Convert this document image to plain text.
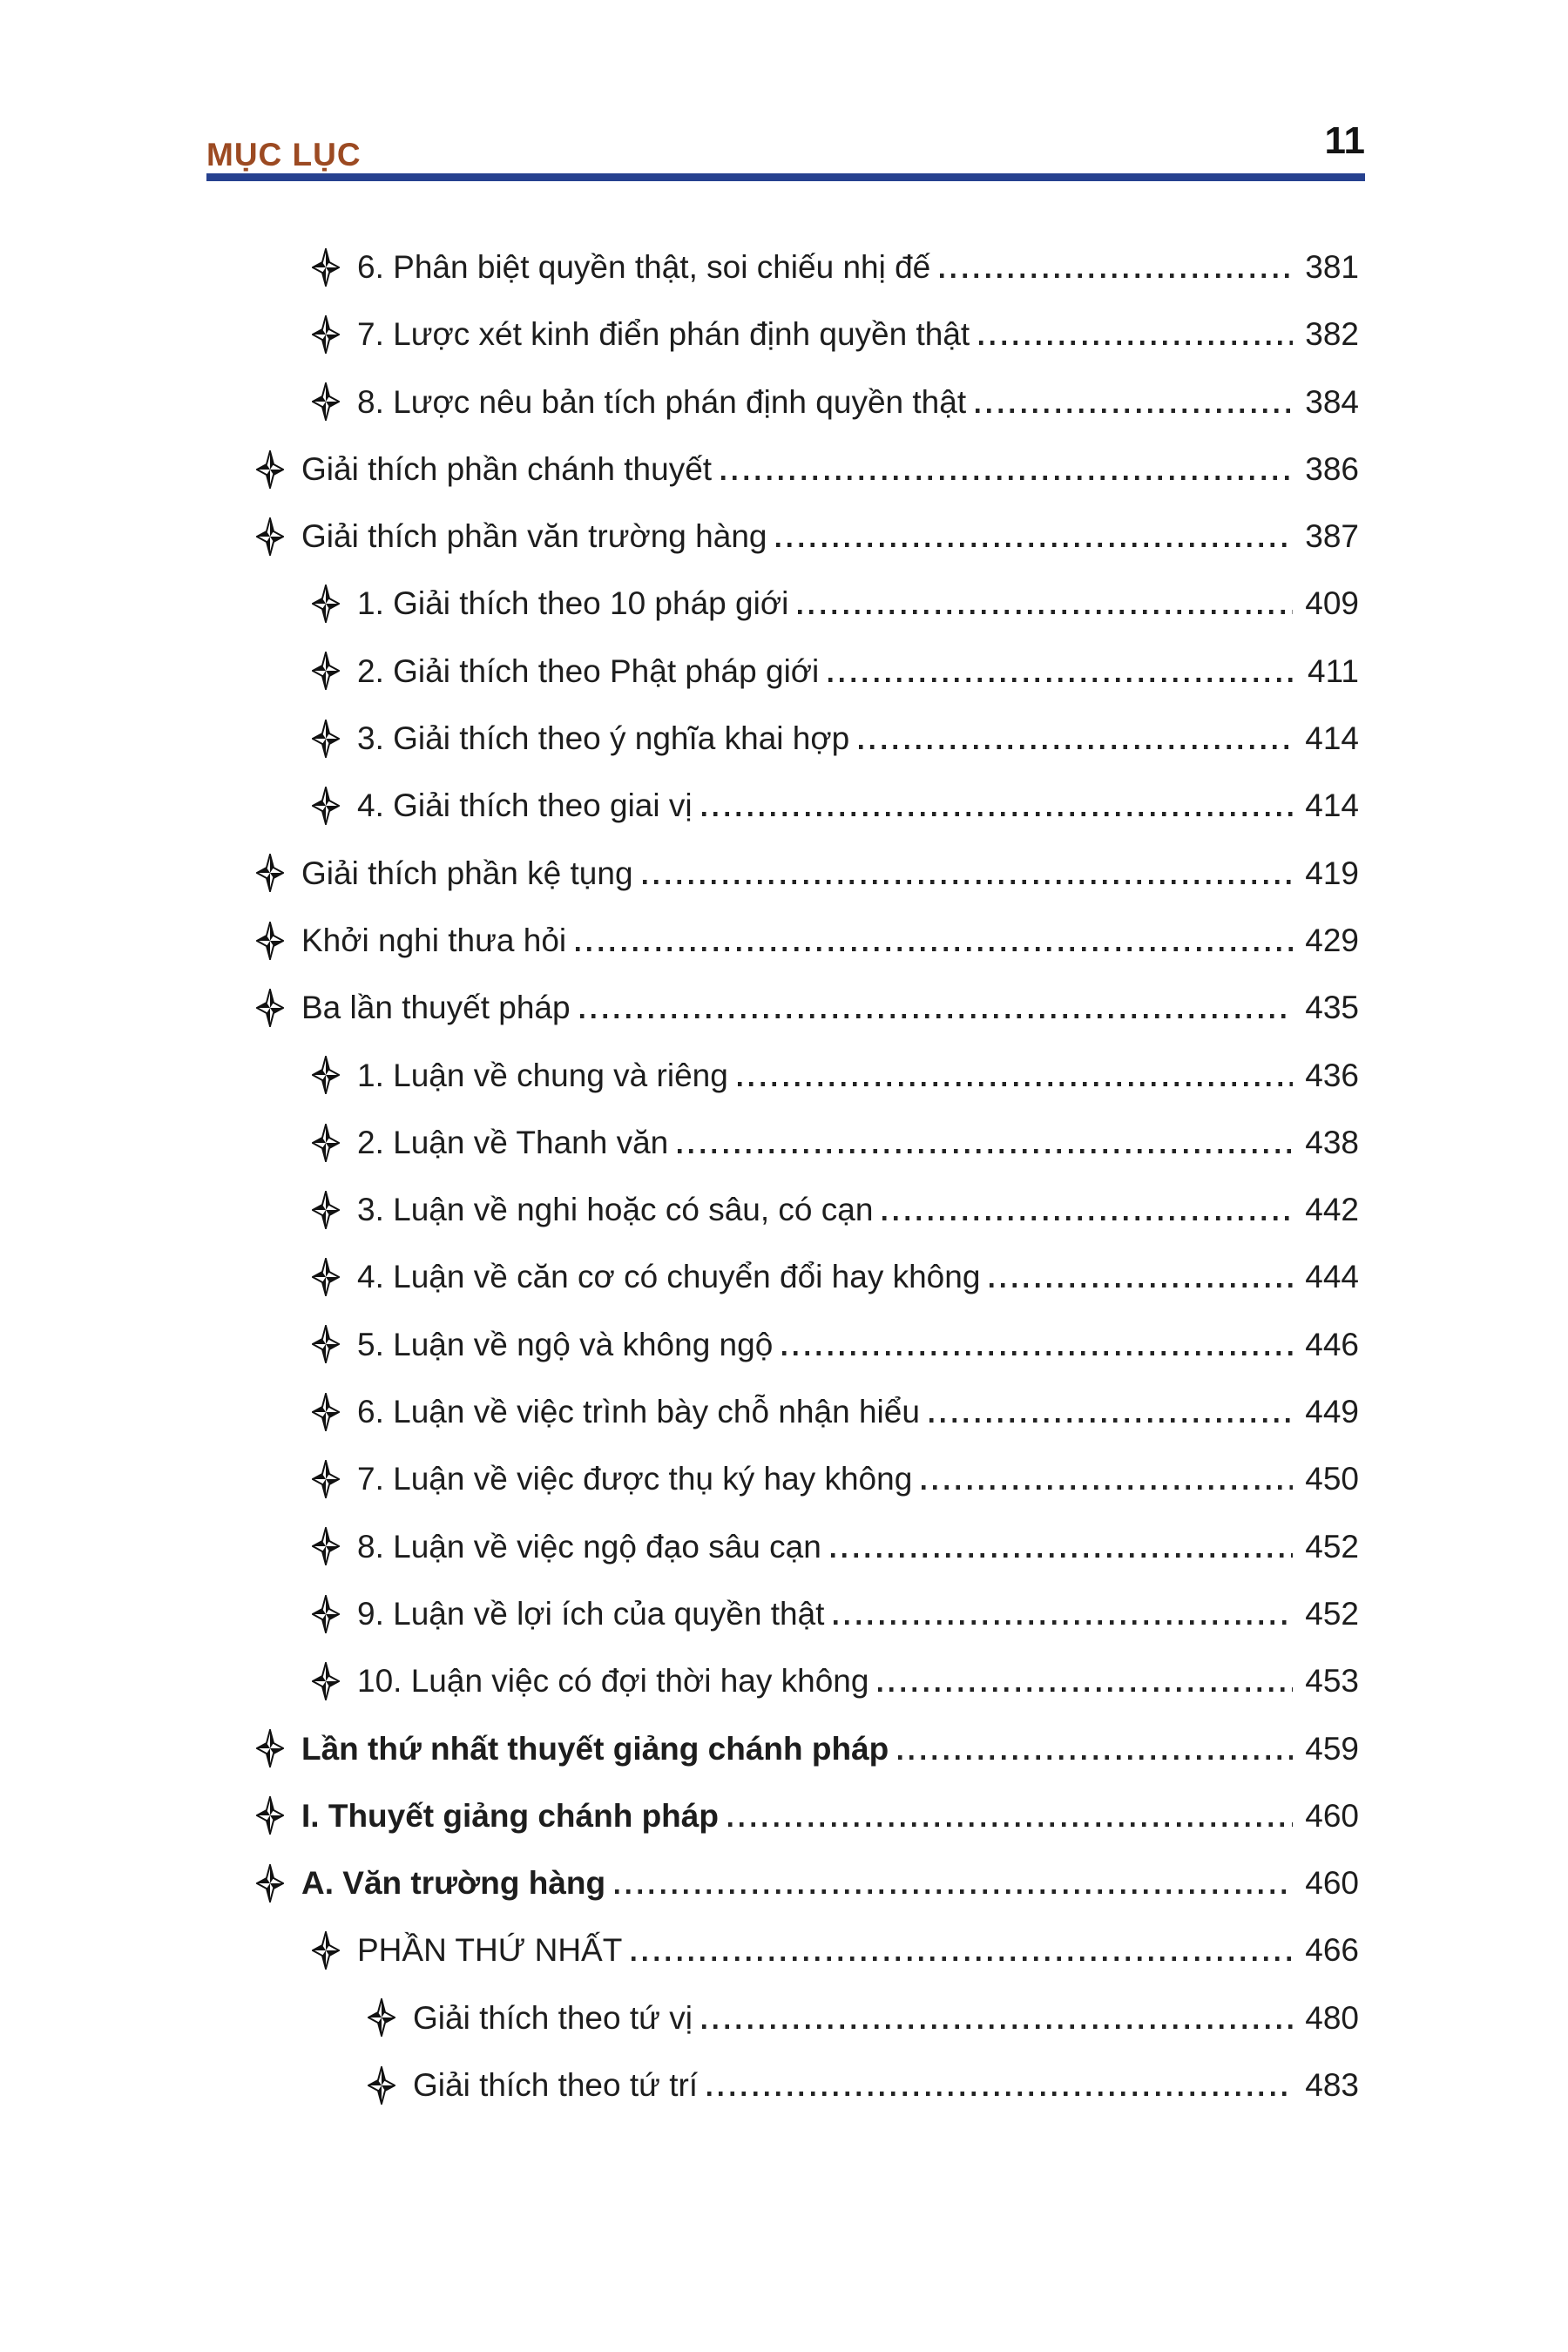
MỤC LỤC	11
6. Phân biệt quyền thật, soi chiếu nhị đế	381
7. Lược xét kinh điển phán định quyền thật	382
8. Lược nêu bản tích phán định quyền thật	384
Giải thích phần chánh thuyết	386
Giải thích phần văn trường hàng	387
1. Giải thích theo 10 pháp giới	409
2. Giải thích theo Phật pháp giới	411
3. Giải thích theo ý nghĩa khai hợp	414
4. Giải thích theo giai vị	414
Giải thích phần kệ tụng	419
Khởi nghi thưa hỏi	429
Ba lần thuyết pháp	435
1. Luận về chung và riêng	436
2. Luận về Thanh văn	438
3. Luận về nghi hoặc có sâu, có cạn	442
4. Luận về căn cơ có chuyển đổi hay không	444
5. Luận về ngộ và không ngộ	446
6. Luận về việc trình bày chỗ nhận hiểu	449
7. Luận về việc được thụ ký hay không	450
8. Luận về việc ngộ đạo sâu cạn	452
9. Luận về lợi ích của quyền thật	452
10. Luận việc có đợi thời hay không	453
Lần thứ nhất thuyết giảng chánh pháp	459
I. Thuyết giảng chánh pháp	460
A. Văn trường hàng	460
PHẦN THỨ NHẤT	466
Giải thích theo tứ vị	480
Giải thích theo tứ trí	483
